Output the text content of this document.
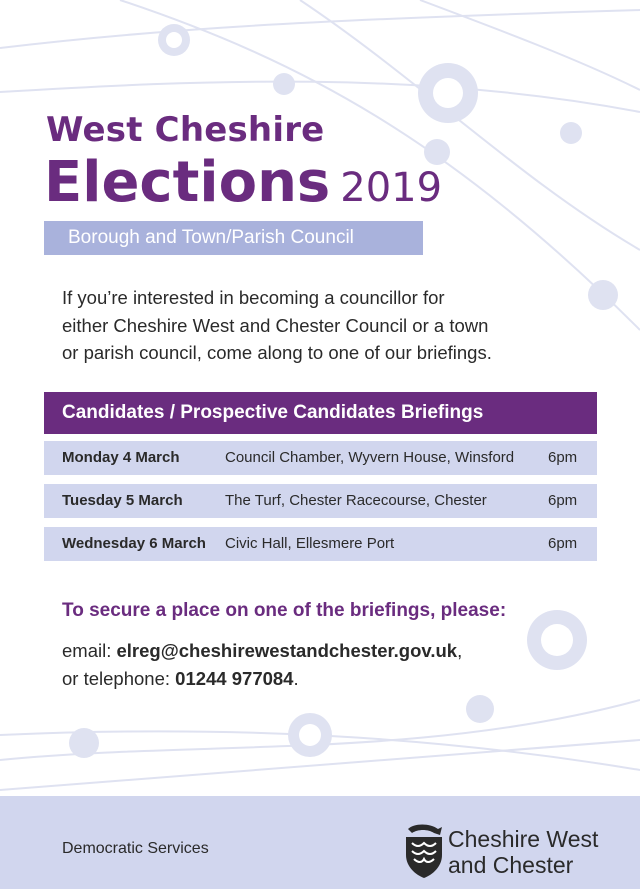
West Cheshire
Elections 2019
Borough and Town/Parish Council
If you’re interested in becoming a councillor for
either Cheshire West and Chester Council or a town
or parish council, come along to one of our briefings.
Candidates / Prospective Candidates Briefings
Monday 4 March	Council Chamber, Wyvern House, Winsford 6pm
Tuesday 5 March	The Turf, Chester Racecourse, Chester	6pm
Wednesday 6 March Civic Hall, Ellesmere Port	6pm
To secure a place on one of the briefings, please:
email: elreg@cheshirewestandchester.gov.uk,
or telephone: 01244 977084.
Democratic Services	Cheshire West
and Chester
